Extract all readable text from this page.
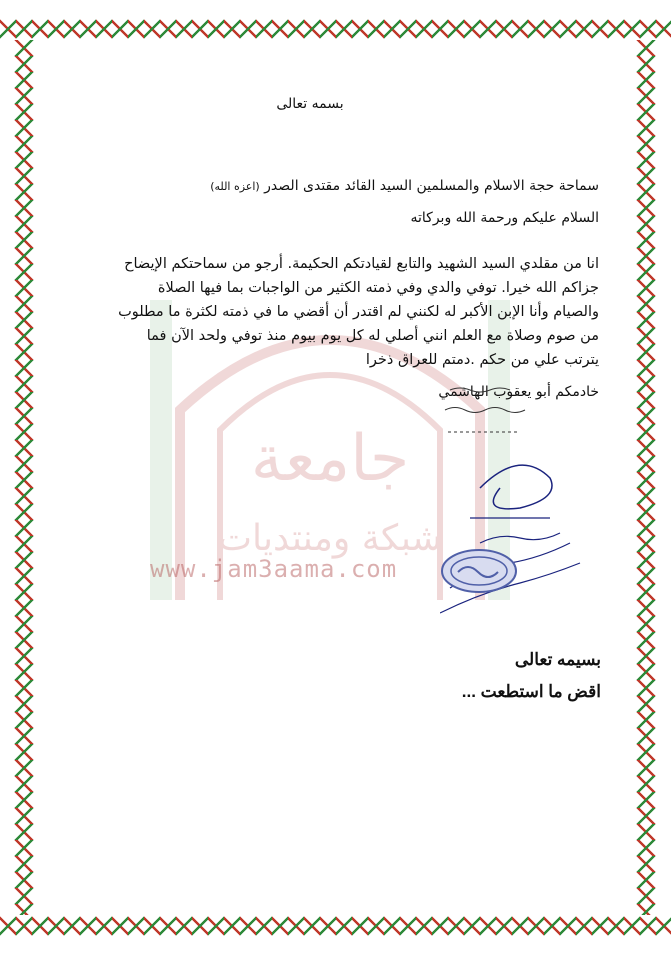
جامعة
شبكة ومنتديات
www.jam3aama.com
بسمه تعالى
سماحة حجة الاسلام والمسلمين السيد القائد مقتدى الصدر (اعزه الله)
السلام عليكم ورحمة الله وبركاته
انا من مقلدي السيد الشهيد والتابع لقيادتكم الحكيمة. أرجو من سماحتكم الإيضاح
جزاكم الله خيرا. توفي والدي وفي ذمته الكثير من الواجبات بما فيها الصلاة
والصيام وأنا الإبن الأكبر له لكنني لم اقتدر أن أقضي ما في ذمته لكثرة ما مطلوب
من صوم وصلاة مع العلم انني أصلي له كل يوم بيوم منذ توفي ولحد الآن فما
يترتب علي من حكم .دمتم للعراق ذخرا
خادمكم أبو يعقوب الهاشمي
بسيمه تعالى
اقض ما استطعت ...
